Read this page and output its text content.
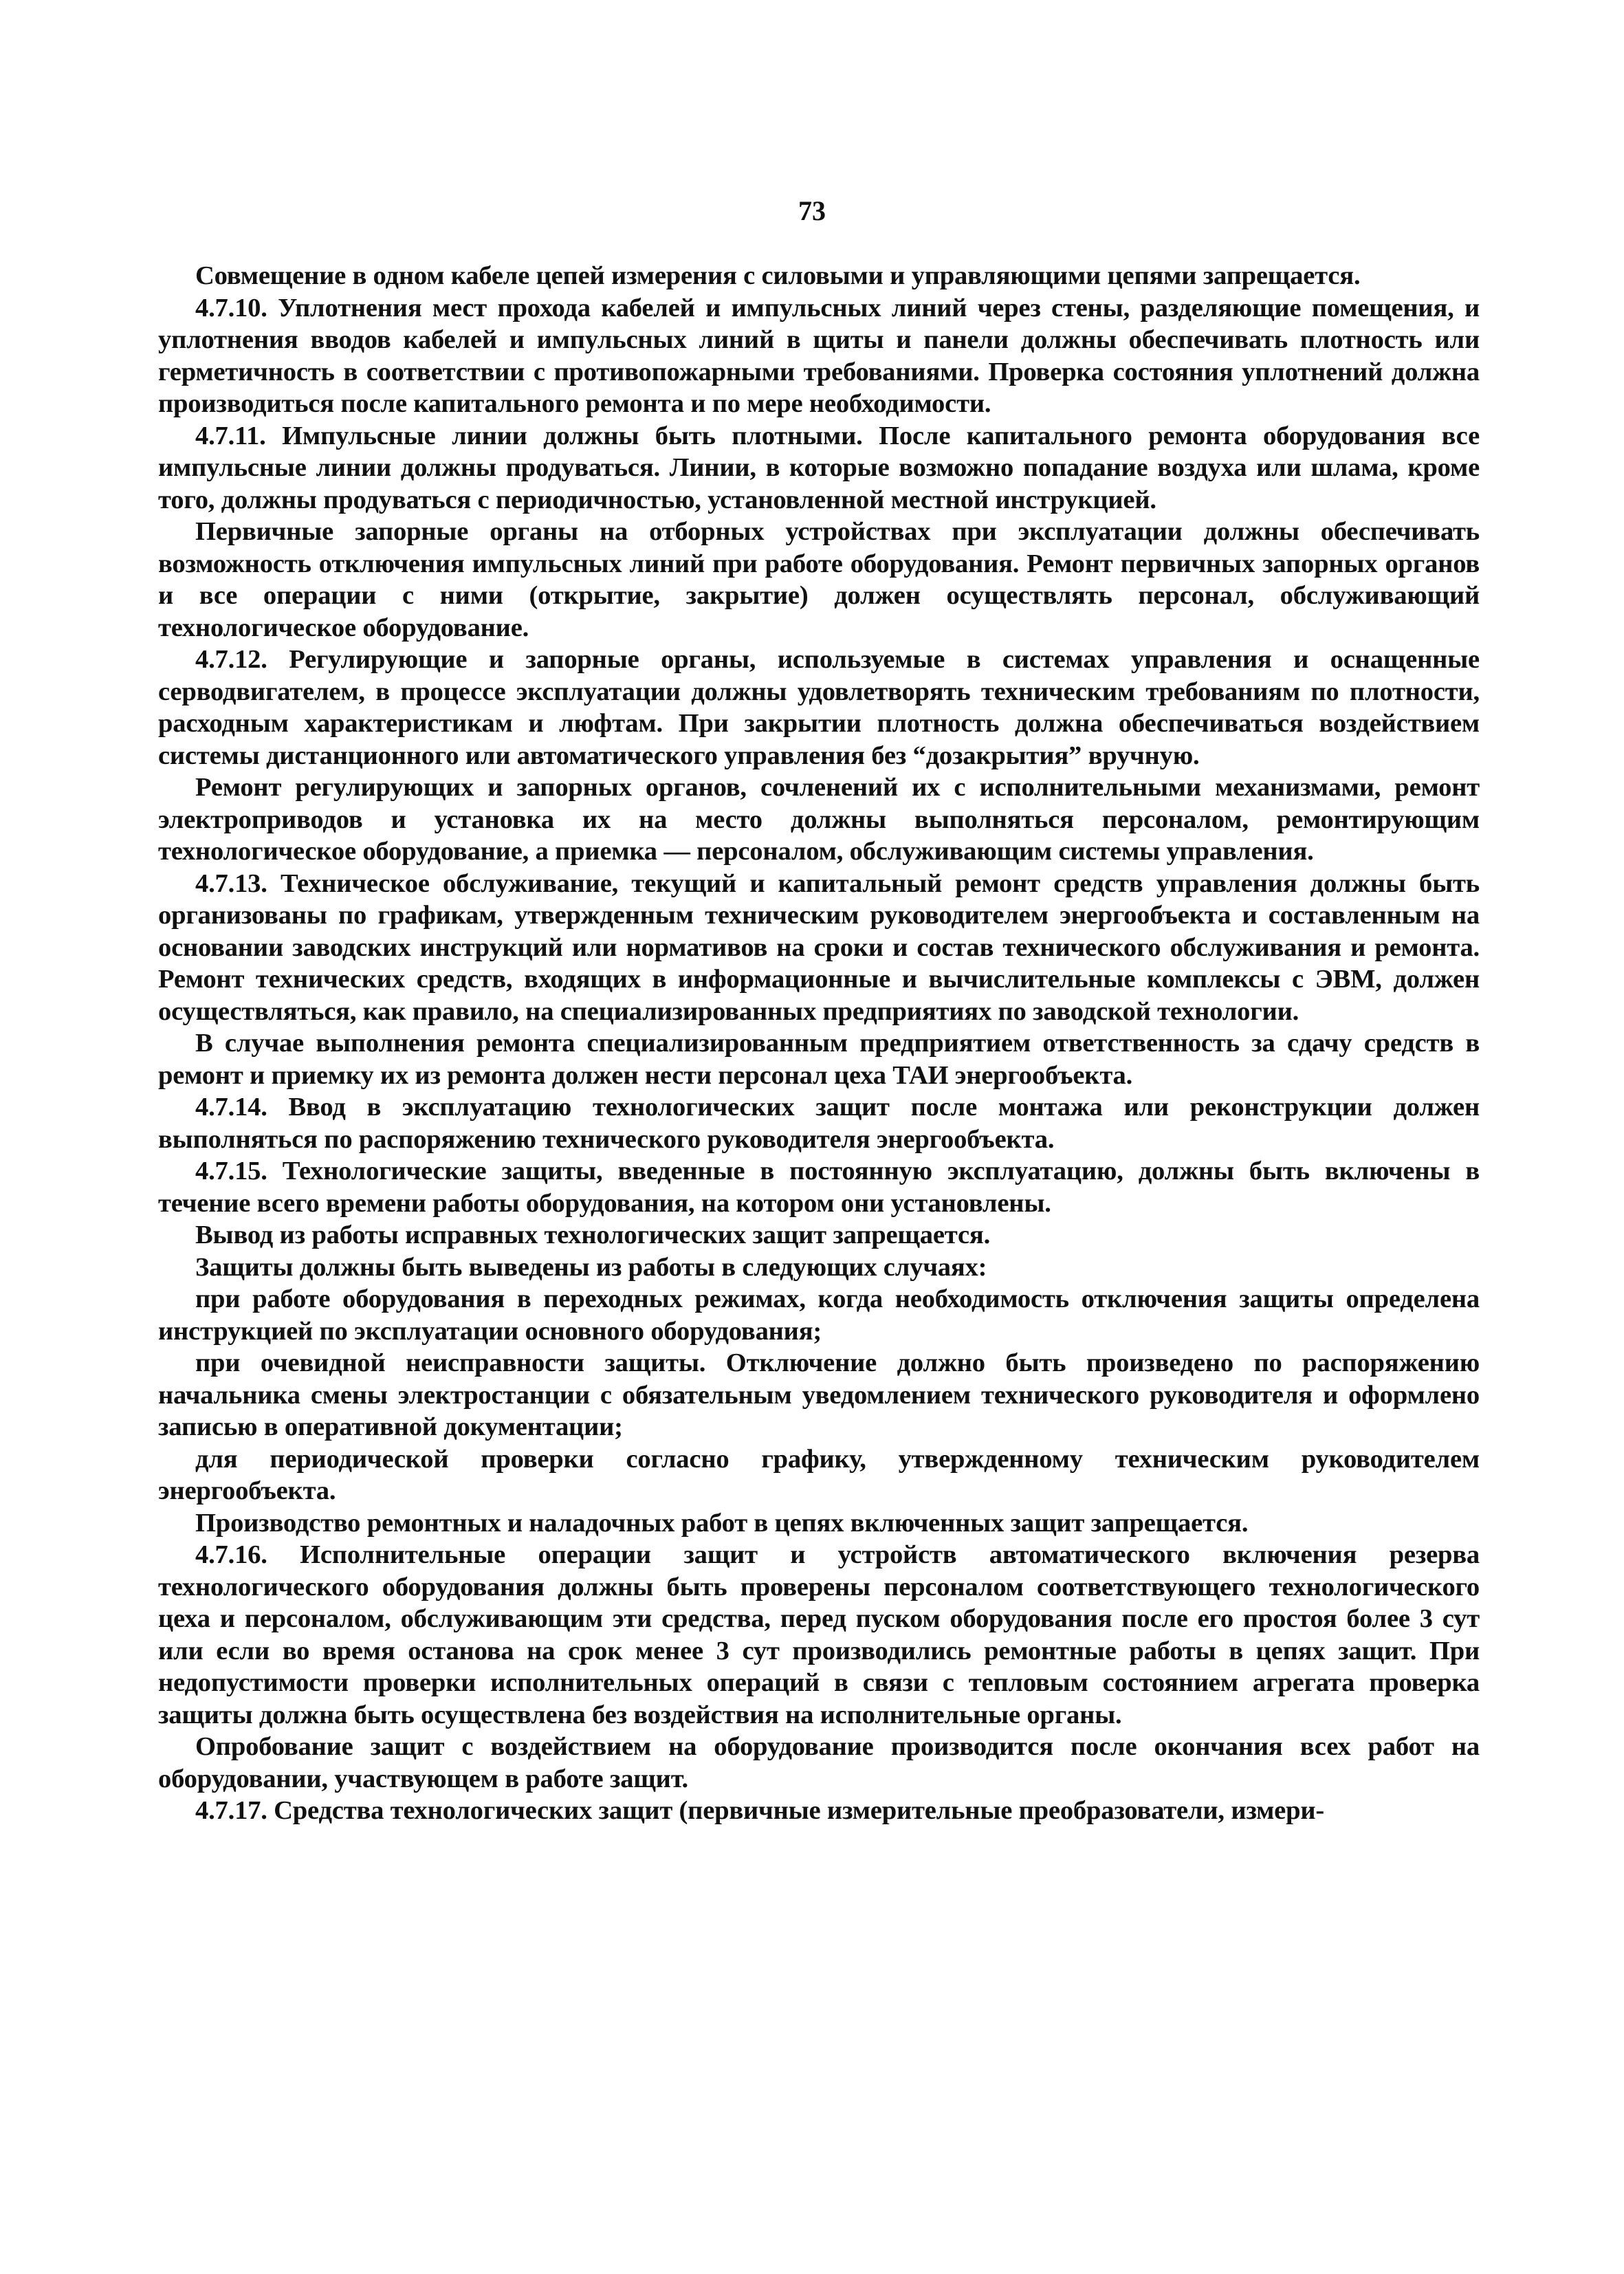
73

Совмещение в одном кабеле цепей измерения с силовыми и управляющими цепями запрещается.

4.7.10. Уплотнения мест прохода кабелей и импульсных линий через стены, разделяющие помещения, и уплотнения вводов кабелей и импульсных линий в щиты и панели должны обеспечивать плотность или герметичность в соответствии с противопожарными требованиями. Проверка состояния уплотнений должна производиться после капитального ремонта и по мере необходимости.

4.7.11. Импульсные линии должны быть плотными. После капитального ремонта оборудования все импульсные линии должны продуваться. Линии, в которые возможно попадание воздуха или шлама, кроме того, должны продуваться с периодичностью, установленной местной инструкцией.

Первичные запорные органы на отборных устройствах при эксплуатации должны обеспечивать возможность отключения импульсных линий при работе оборудования. Ремонт первичных запорных органов и все операции с ними (открытие, закрытие) должен осуществлять персонал, обслуживающий технологическое оборудование.

4.7.12. Регулирующие и запорные органы, используемые в системах управления и оснащенные серводвигателем, в процессе эксплуатации должны удовлетворять техническим требованиям по плотности, расходным характеристикам и люфтам. При закрытии плотность должна обеспечиваться воздействием системы дистанционного или автоматического управления без “дозакрытия” вручную.

Ремонт регулирующих и запорных органов, сочленений их с исполнительными механизмами, ремонт электроприводов и установка их на место должны выполняться персоналом, ремонтирующим технологическое оборудование, а приемка — персоналом, обслуживающим системы управления.

4.7.13. Техническое обслуживание, текущий и капитальный ремонт средств управления должны быть организованы по графикам, утвержденным техническим руководителем энергообъекта и составленным на основании заводских инструкций или нормативов на сроки и состав технического обслуживания и ремонта. Ремонт технических средств, входящих в информационные и вычислительные комплексы с ЭВМ, должен осуществляться, как правило, на специализированных предприятиях по заводской технологии.

В случае выполнения ремонта специализированным предприятием ответственность за сдачу средств в ремонт и приемку их из ремонта должен нести персонал цеха ТАИ энергообъекта.

4.7.14. Ввод в эксплуатацию технологических защит после монтажа или реконструкции должен выполняться по распоряжению технического руководителя энергообъекта.

4.7.15. Технологические защиты, введенные в постоянную эксплуатацию, должны быть включены в течение всего времени работы оборудования, на котором они установлены.

Вывод из работы исправных технологических защит запрещается.

Защиты должны быть выведены из работы в следующих случаях:

при работе оборудования в переходных режимах, когда необходимость отключения защиты определена инструкцией по эксплуатации основного оборудования;

при очевидной неисправности защиты. Отключение должно быть произведено по распоряжению начальника смены электростанции с обязательным уведомлением технического руководителя и оформлено записью в оперативной документации;

для периодической проверки согласно графику, утвержденному техническим руководителем энергообъекта.

Производство ремонтных и наладочных работ в цепях включенных защит запрещается.

4.7.16. Исполнительные операции защит и устройств автоматического включения резерва технологического оборудования должны быть проверены персоналом соответствующего технологического цеха и персоналом, обслуживающим эти средства, перед пуском оборудования после его простоя более 3 сут или если во время останова на срок менее 3 сут производились ремонтные работы в цепях защит. При недопустимости проверки исполнительных операций в связи с тепловым состоянием агрегата проверка защиты должна быть осуществлена без воздействия на исполнительные органы.

Опробование защит с воздействием на оборудование производится после окончания всех работ на оборудовании, участвующем в работе защит.

4.7.17. Средства технологических защит (первичные измерительные преобразователи, измери-
